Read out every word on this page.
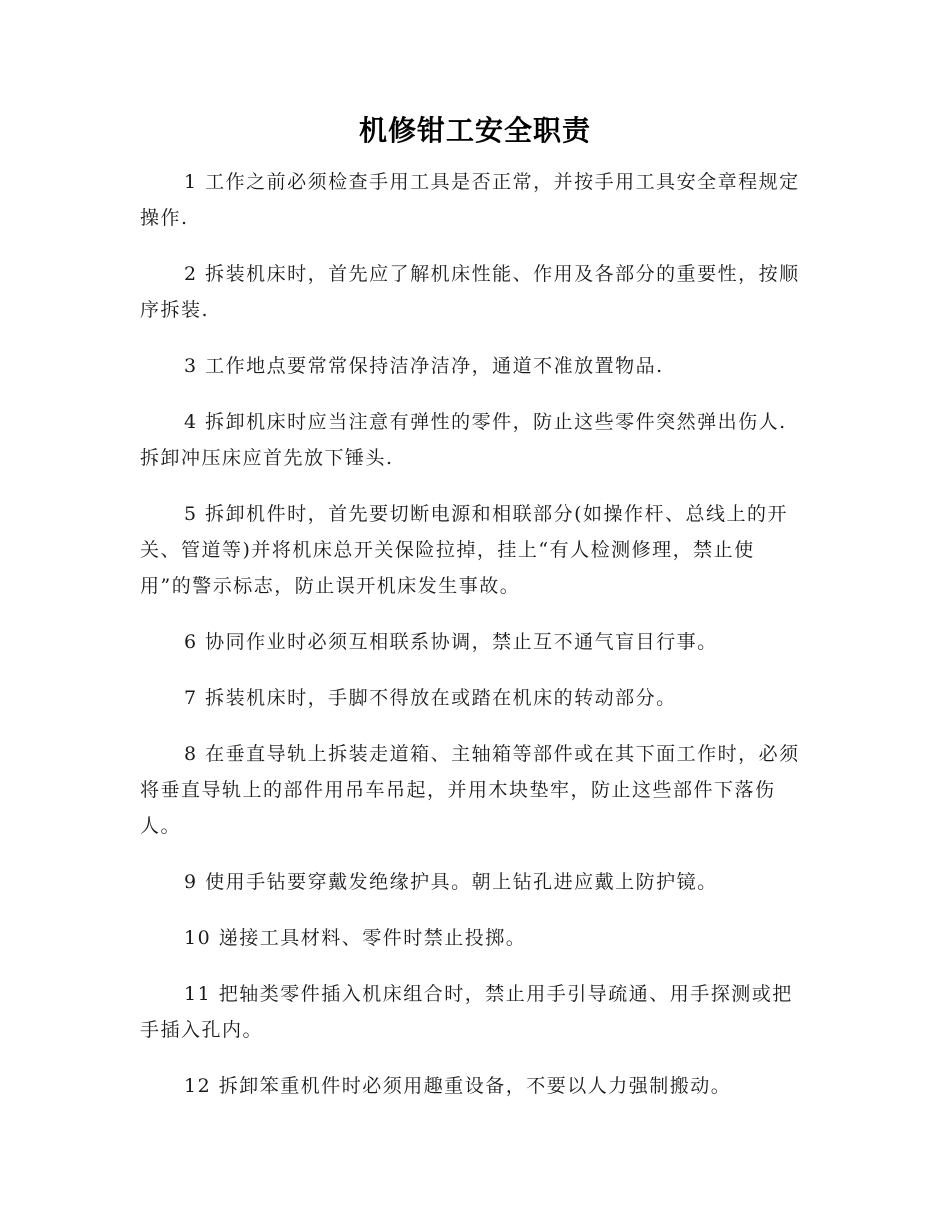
机修钳工安全职责

1 工作之前必须检查手用工具是否正常，并按手用工具安全章程规定操作.

2 拆装机床时，首先应了解机床性能、作用及各部分的重要性，按顺序拆装.

3 工作地点要常常保持洁净洁净，通道不准放置物品.

4 拆卸机床时应当注意有弹性的零件，防止这些零件突然弹出伤人.拆卸冲压床应首先放下锤头.

5 拆卸机件时，首先要切断电源和相联部分(如操作杆、总线上的开关、管道等)并将机床总开关保险拉掉，挂上“有人检测修理，禁止使用”的警示标志，防止误开机床发生事故。

6 协同作业时必须互相联系协调，禁止互不通气盲目行事。

7 拆装机床时，手脚不得放在或踏在机床的转动部分。

8 在垂直导轨上拆装走道箱、主轴箱等部件或在其下面工作时，必须将垂直导轨上的部件用吊车吊起，并用木块垫牢，防止这些部件下落伤人。

9 使用手钻要穿戴发绝缘护具。朝上钻孔进应戴上防护镜。

10 递接工具材料、零件时禁止投掷。

11 把轴类零件插入机床组合时，禁止用手引导疏通、用手探测或把手插入孔内。

12 拆卸笨重机件时必须用趣重设备，不要以人力强制搬动。
